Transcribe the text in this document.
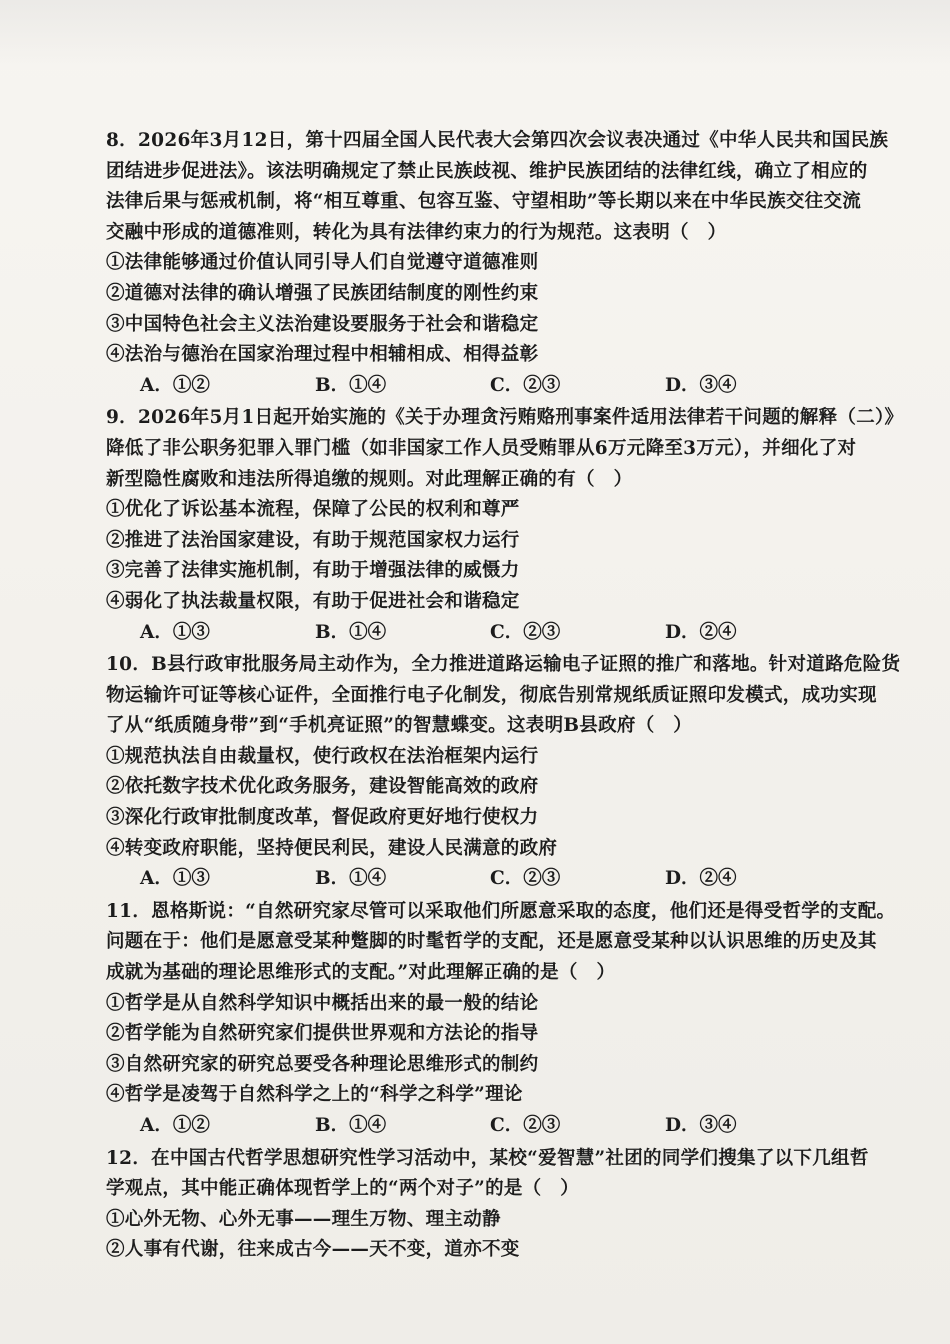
8．2026年3月12日，第十四届全国人民代表大会第四次会议表决通过《中华人民共和国民族
团结进步促进法》。该法明确规定了禁止民族歧视、维护民族团结的法律红线，确立了相应的
法律后果与惩戒机制，将“相互尊重、包容互鉴、守望相助”等长期以来在中华民族交往交流
交融中形成的道德准则，转化为具有法律约束力的行为规范。这表明（　）
①法律能够通过价值认同引导人们自觉遵守道德准则
②道德对法律的确认增强了民族团结制度的刚性约束
③中国特色社会主义法治建设要服务于社会和谐稳定
④法治与德治在国家治理过程中相辅相成、相得益彰
A．①②	B．①④	C．②③	D．③④
9．2026年5月1日起开始实施的《关于办理贪污贿赂刑事案件适用法律若干问题的解释（二）》
降低了非公职务犯罪入罪门槛（如非国家工作人员受贿罪从6万元降至3万元），并细化了对
新型隐性腐败和违法所得追缴的规则。对此理解正确的有（　）
①优化了诉讼基本流程，保障了公民的权利和尊严
②推进了法治国家建设，有助于规范国家权力运行
③完善了法律实施机制，有助于增强法律的威慑力
④弱化了执法裁量权限，有助于促进社会和谐稳定
A．①③	B．①④	C．②③	D．②④
10．B县行政审批服务局主动作为，全力推进道路运输电子证照的推广和落地。针对道路危险货
物运输许可证等核心证件，全面推行电子化制发，彻底告别常规纸质证照印发模式，成功实现
了从“纸质随身带”到“手机亮证照”的智慧蝶变。这表明B县政府（　）
①规范执法自由裁量权，使行政权在法治框架内运行
②依托数字技术优化政务服务，建设智能高效的政府
③深化行政审批制度改革，督促政府更好地行使权力
④转变政府职能，坚持便民利民，建设人民满意的政府
A．①③	B．①④	C．②③	D．②④
11．恩格斯说：“自然研究家尽管可以采取他们所愿意采取的态度，他们还是得受哲学的支配。
问题在于：他们是愿意受某种蹩脚的时髦哲学的支配，还是愿意受某种以认识思维的历史及其
成就为基础的理论思维形式的支配。”对此理解正确的是（　）
①哲学是从自然科学知识中概括出来的最一般的结论
②哲学能为自然研究家们提供世界观和方法论的指导
③自然研究家的研究总要受各种理论思维形式的制约
④哲学是凌驾于自然科学之上的“科学之科学”理论
A．①②	B．①④	C．②③	D．③④
12．在中国古代哲学思想研究性学习活动中，某校“爱智慧”社团的同学们搜集了以下几组哲
学观点，其中能正确体现哲学上的“两个对子”的是（　）
①心外无物、心外无事——理生万物、理主动静
②人事有代谢，往来成古今——天不变，道亦不变
